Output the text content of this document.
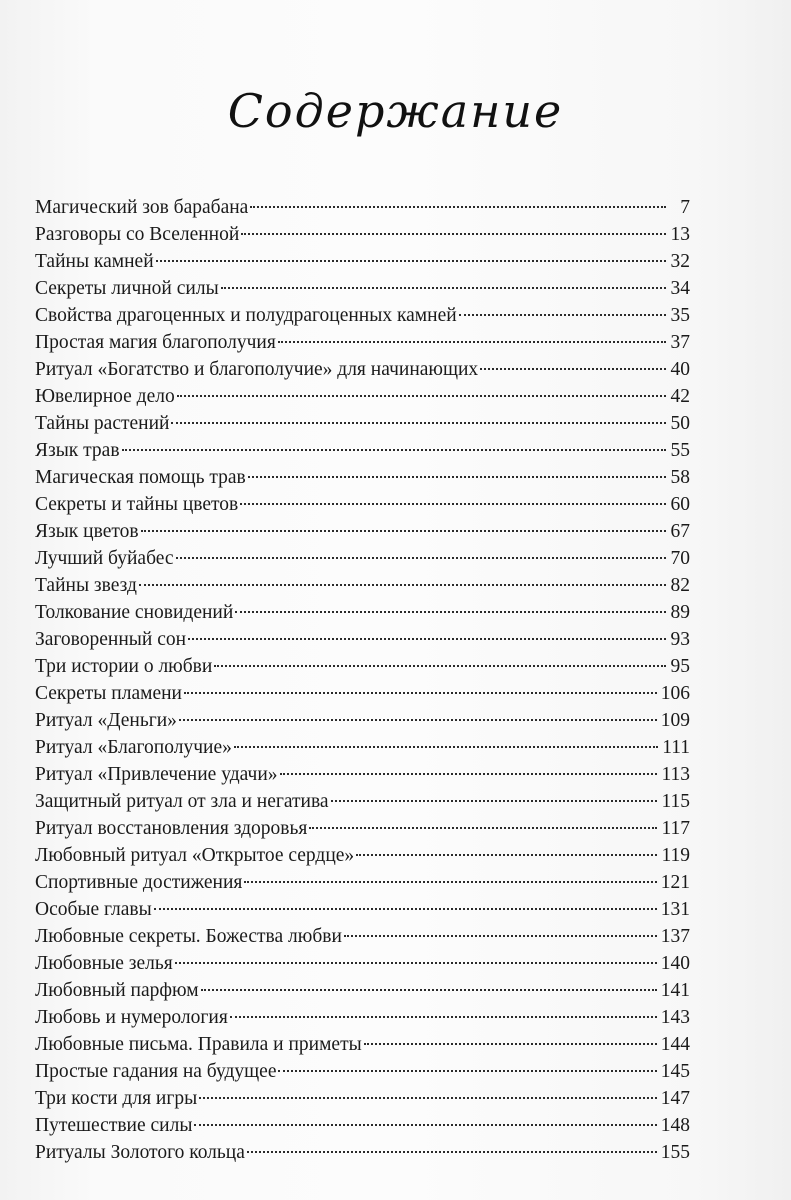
Содержание
Магический зов барабана	7
Разговоры со Вселенной	13
Тайны камней	32
Секреты личной силы	34
Свойства драгоценных и полудрагоценных камней	35
Простая магия благополучия	37
Ритуал «Богатство и благополучие» для начинающих	40
Ювелирное дело	42
Тайны растений	50
Язык трав	55
Магическая помощь трав	58
Секреты и тайны цветов	60
Язык цветов	67
Лучший буйабес	70
Тайны звезд	82
Толкование сновидений	89
Заговоренный сон	93
Три истории о любви	95
Секреты пламени	106
Ритуал «Деньги»	109
Ритуал «Благополучие»	111
Ритуал «Привлечение удачи»	113
Защитный ритуал от зла и негатива	115
Ритуал восстановления здоровья	117
Любовный ритуал «Открытое сердце»	119
Спортивные достижения	121
Особые главы	131
Любовные секреты. Божества любви	137
Любовные зелья	140
Любовный парфюм	141
Любовь и нумерология	143
Любовные письма. Правила и приметы	144
Простые гадания на будущее	145
Три кости для игры	147
Путешествие силы	148
Ритуалы Золотого кольца	155
